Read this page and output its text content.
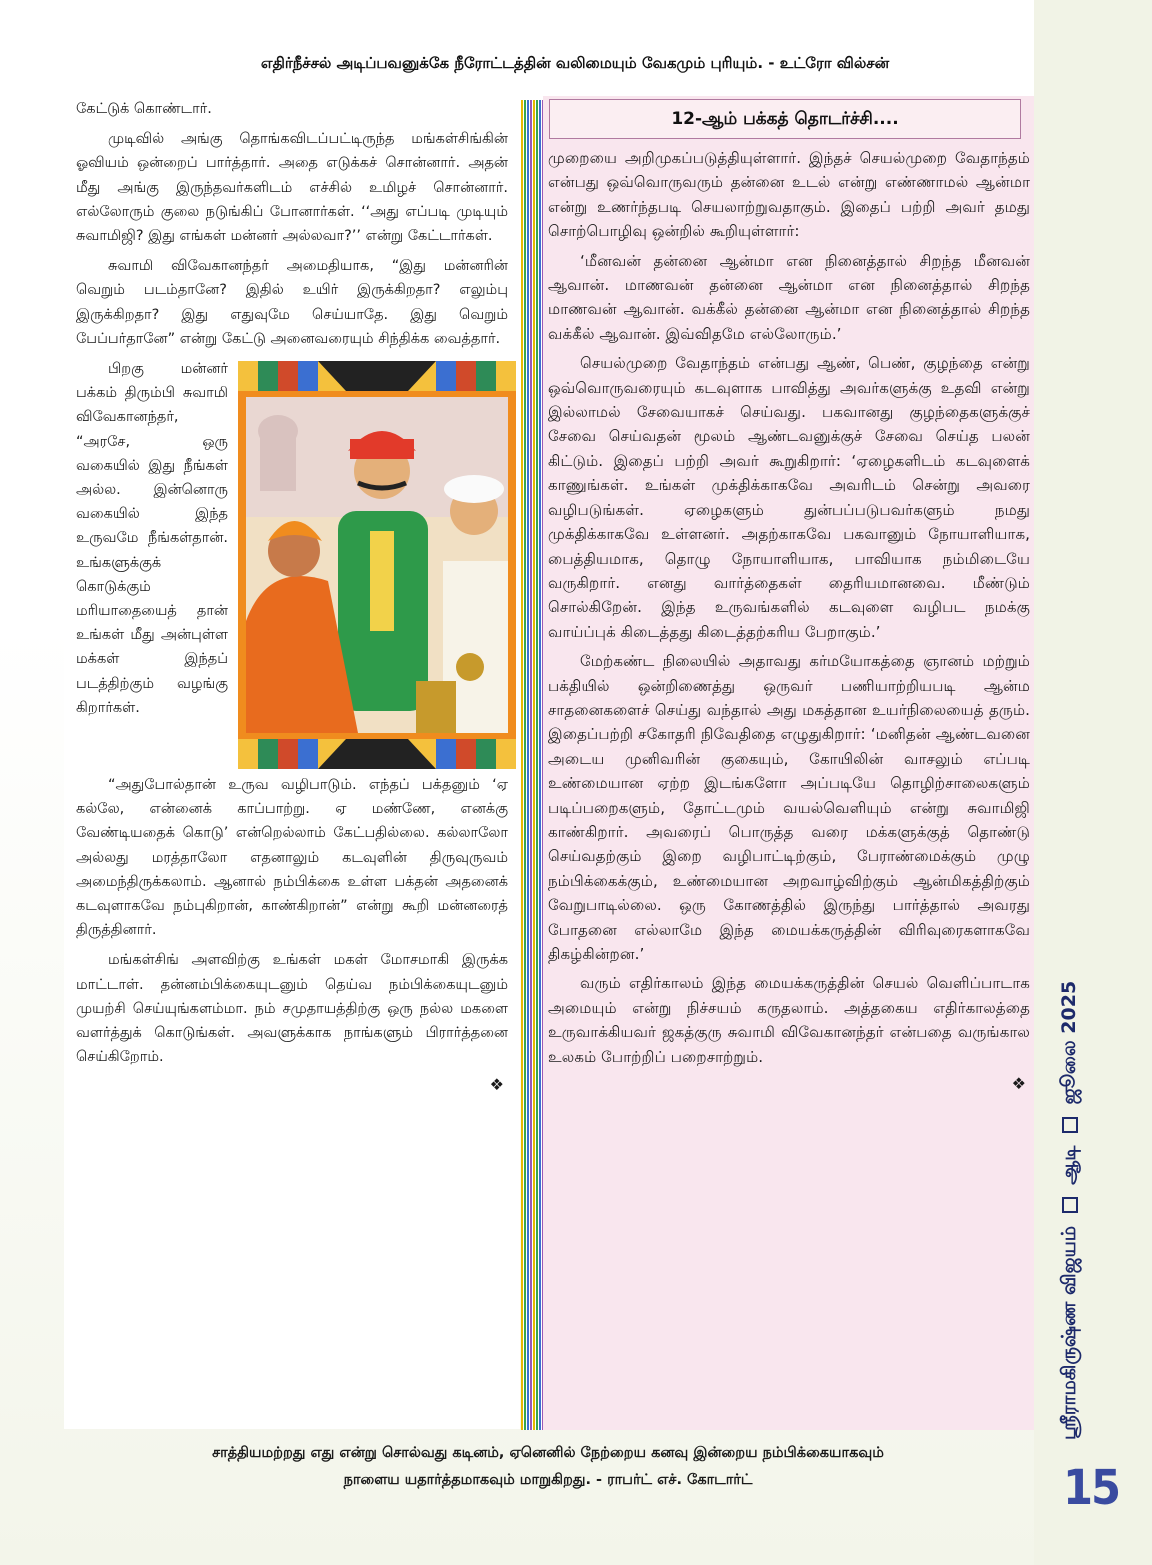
எதிர்நீச்சல் அடிப்பவனுக்கே நீரோட்டத்தின் வலிமையும் வேகமும் புரியும். - உட்ரோ வில்சன்

கேட்டுக் கொண்டார்.

முடிவில் அங்கு தொங்கவிடப்பட்டிருந்த மங்கள்சிங்கின் ஓவியம் ஒன்றைப் பார்த்தார். அதை எடுக்கச் சொன்னார். அதன் மீது அங்கு இருந்தவர்களிடம் எச்சில் உமிழச் சொன்னார். எல்லோரும் குலை நடுங்கிப் போனார்கள். ‘‘அது எப்படி முடியும் சுவாமிஜி? இது எங்கள் மன்னர் அல்லவா?’’ என்று கேட்டார்கள்.

சுவாமி விவேகானந்தர் அமைதியாக, “இது மன்னரின் வெறும் படம்தானே? இதில் உயிர் இருக்கிறதா? எலும்பு இருக்கிறதா? இது எதுவுமே செய்யாதே. இது வெறும் பேப்பர்தானே” என்று கேட்டு அனைவரையும் சிந்திக்க வைத்தார்.

பிறகு மன்னர் பக்கம் திரும்பி சுவாமி விவேகானந்தர், “அரசே, ஒரு வகையில் இது நீங்கள் அல்ல. இன்னொரு வகையில் இந்த உருவமே நீங்கள்தான். உங்களுக்குக் கொடுக்கும் மரியாதையைத் தான் உங்கள் மீது அன்புள்ள மக்கள் இந்தப் படத்திற்கும் வழங்கு கிறார்கள்.

“அதுபோல்தான் உருவ வழிபாடும். எந்தப் பக்தனும் ‘ஏ கல்லே, என்னைக் காப்பாற்று. ஏ மண்ணே, எனக்கு வேண்டியதைக் கொடு’ என்றெல்லாம் கேட்பதில்லை. கல்லாலோ அல்லது மரத்தாலோ எதனாலும் கடவுளின் திருவுருவம் அமைந்திருக்கலாம். ஆனால் நம்பிக்கை உள்ள பக்தன் அதனைக் கடவுளாகவே நம்புகிறான், காண்கிறான்” என்று கூறி மன்னரைத் திருத்தினார்.

மங்கள்சிங் அளவிற்கு உங்கள் மகள் மோசமாகி இருக்க மாட்டாள். தன்னம்பிக்கையுடனும் தெய்வ நம்பிக்கையுடனும் முயற்சி செய்யுங்களம்மா. நம் சமுதாயத்திற்கு ஒரு நல்ல மகளை வளர்த்துக் கொடுங்கள். அவளுக்காக நாங்களும் பிரார்த்தனை செய்கிறோம்.

❖

முறையை அறிமுகப்படுத்தியுள்ளார். இந்தச் செயல்முறை வேதாந்தம் என்பது ஒவ்வொருவரும் தன்னை உடல் என்று எண்ணாமல் ஆன்மா என்று உணர்ந்தபடி செயலாற்றுவதாகும். இதைப் பற்றி அவர் தமது சொற்பொழிவு ஒன்றில் கூறியுள்ளார்:

‘மீனவன் தன்னை ஆன்மா என நினைத்தால் சிறந்த மீனவன் ஆவான். மாணவன் தன்னை ஆன்மா என நினைத்தால் சிறந்த மாணவன் ஆவான். வக்கீல் தன்னை ஆன்மா என நினைத்தால் சிறந்த வக்கீல் ஆவான். இவ்விதமே எல்லோரும்.’

செயல்முறை வேதாந்தம் என்பது ஆண், பெண், குழந்தை என்று ஒவ்வொருவரையும் கடவுளாக பாவித்து அவர்களுக்கு உதவி என்று இல்லாமல் சேவையாகச் செய்வது. பகவானது குழந்தைகளுக்குச் சேவை செய்வதன் மூலம் ஆண்டவனுக்குச் சேவை செய்த பலன் கிட்டும். இதைப் பற்றி அவர் கூறுகிறார்: ‘ஏழைகளிடம் கடவுளைக் காணுங்கள். உங்கள் முக்திக்காகவே அவரிடம் சென்று அவரை வழிபடுங்கள். ஏழைகளும் துன்பப்படுபவர்களும் நமது முக்திக்காகவே உள்ளனர். அதற்காகவே பகவானும் நோயாளியாக, பைத்தியமாக, தொழு நோயாளியாக, பாவியாக நம்மிடையே வருகிறார். எனது வார்த்தைகள் தைரியமானவை. மீண்டும் சொல்கிறேன். இந்த உருவங்களில் கடவுளை வழிபட நமக்கு வாய்ப்புக் கிடைத்தது கிடைத்தற்கரிய பேறாகும்.’

மேற்கண்ட நிலையில் அதாவது கர்மயோகத்தை ஞானம் மற்றும் பக்தியில் ஒன்றிணைத்து ஒருவர் பணியாற்றியபடி ஆன்ம சாதனைகளைச் செய்து வந்தால் அது மகத்தான உயர்நிலையைத் தரும். இதைப்பற்றி சகோதரி நிவேதிதை எழுதுகிறார்: ‘மனிதன் ஆண்டவனை அடைய முனிவரின் குகையும், கோயிலின் வாசலும் எப்படி உண்மையான ஏற்ற இடங்களோ அப்படியே தொழிற்சாலைகளும் படிப்பறைகளும், தோட்டமும் வயல்வெளியும் என்று சுவாமிஜி காண்கிறார். அவரைப் பொருத்த வரை மக்களுக்குத் தொண்டு செய்வதற்கும் இறை வழிபாட்டிற்கும், பேராண்மைக்கும் முழு நம்பிக்கைக்கும், உண்மையான அறவாழ்விற்கும் ஆன்மிகத்திற்கும் வேறுபாடில்லை. ஒரு கோணத்தில் இருந்து பார்த்தால் அவரது போதனை எல்லாமே இந்த மையக்கருத்தின் விரிவுரைகளாகவே திகழ்கின்றன.’

வரும் எதிர்காலம் இந்த மையக்கருத்தின் செயல் வெளிப்பாடாக அமையும் என்று நிச்சயம் கருதலாம். அத்தகைய எதிர்காலத்தை உருவாக்கியவர் ஜகத்குரு சுவாமி விவேகானந்தர் என்பதை வருங்கால உலகம் போற்றிப் பறைசாற்றும்.

❖
12-ஆம் பக்கத் தொடர்ச்சி....
சாத்தியமற்றது எது என்று சொல்வது கடினம், ஏனெனில் நேற்றைய கனவு இன்றைய நம்பிக்கையாகவும்
நாளைய யதார்த்தமாகவும் மாறுகிறது. - ராபர்ட் எச். கோடார்ட்
ஸ்ரீராமகிருஷ்ண விஜயம்  ஆடி  ஜூலை 2025
15
